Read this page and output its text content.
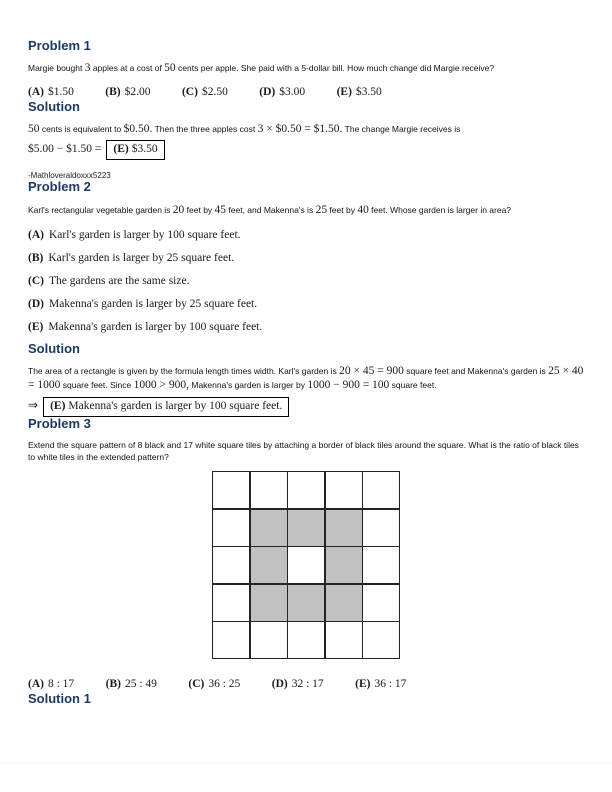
Problem 1

Margie bought 3 apples at a cost of 50 cents per apple. She paid with a 5-dollar bill. How much change did Margie receive?

(A) $1.50	(B) $2.00	(C) $2.50	(D) $3.00	(E) $3.50
Solution

50 cents is equivalent to $0.50. Then the three apples cost 3 × $0.50 = $1.50. The change Margie receives is

$5.00 − $1.50 = (E) $3.50

-Mathloveraldoxxx5223

Problem 2

Karl's rectangular vegetable garden is 20 feet by 45 feet, and Makenna's is 25 feet by 40 feet. Whose garden is larger in area?

(A) Karl's garden is larger by 100 square feet.

(B) Karl's garden is larger by 25 square feet.

(C) The gardens are the same size.

(D) Makenna's garden is larger by 25 square feet.

(E) Makenna's garden is larger by 100 square feet.

Solution

The area of a rectangle is given by the formula length times width. Karl's garden is 20 × 45 = 900 square feet and Makenna's garden is 25 × 40 = 1000 square feet. Since 1000 > 900, Makenna's garden is larger by 1000 − 900 = 100 square feet.

⇒ (E) Makenna's garden is larger by 100 square feet.

Problem 3

Extend the square pattern of 8 black and 17 white square tiles by attaching a border of black tiles around the square. What is the ratio of black tiles to white tiles in the extended pattern?

(A) 8 : 17	(B) 25 : 49	(C) 36 : 25	(D) 32 : 17	(E) 36 : 17
Solution 1
